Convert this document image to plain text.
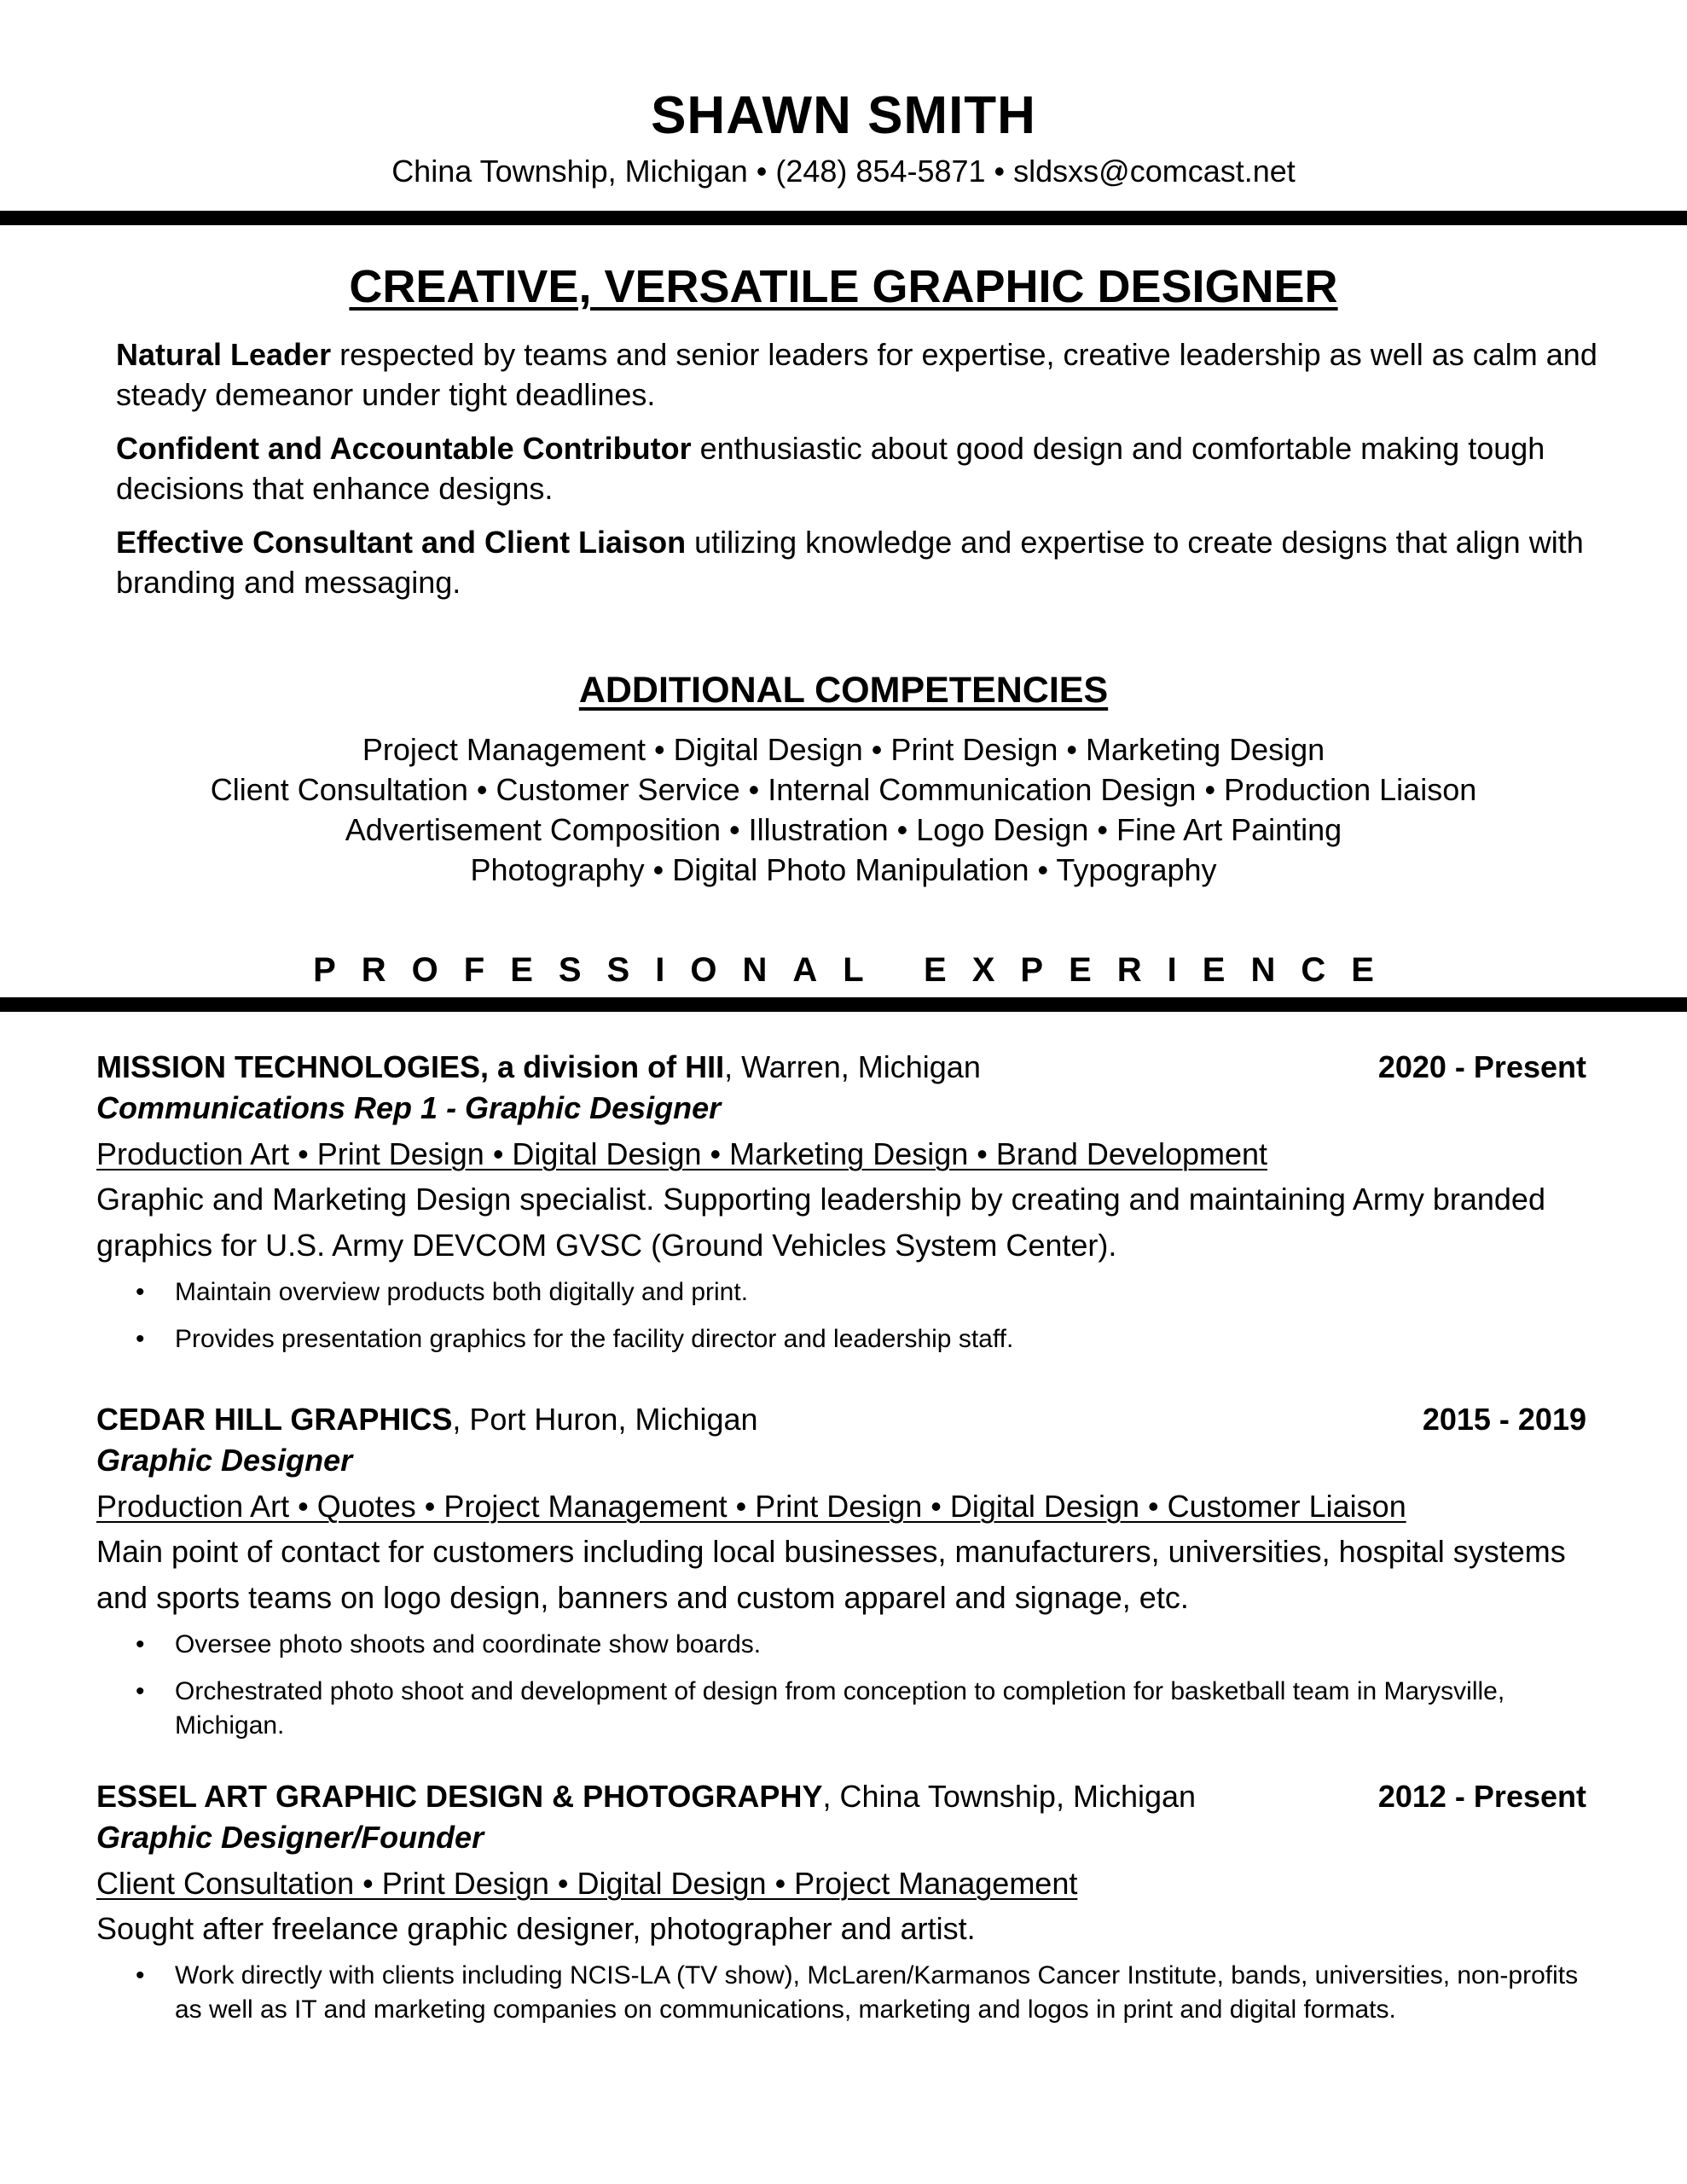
SHAWN SMITH
China Township, Michigan • (248) 854-5871 • sldsxs@comcast.net
CREATIVE, VERSATILE GRAPHIC DESIGNER

Natural Leader respected by teams and senior leaders for expertise, creative leadership as well as calm and steady demeanor under tight deadlines.

Confident and Accountable Contributor enthusiastic about good design and comfortable making tough decisions that enhance designs.

Effective Consultant and Client Liaison utilizing knowledge and expertise to create designs that align with branding and messaging.

ADDITIONAL COMPETENCIES
Project Management • Digital Design • Print Design • Marketing Design
Client Consultation • Customer Service • Internal Communication Design • Production Liaison
Advertisement Composition • Illustration • Logo Design • Fine Art Painting
Photography • Digital Photo Manipulation • Typography
PROFESSIONAL EXPERIENCE
MISSION TECHNOLOGIES, a division of HII, Warren, Michigan	2020 - Present
Communications Rep 1 - Graphic Designer
Production Art • Print Design • Digital Design • Marketing Design • Brand Development
Graphic and Marketing Design specialist. Supporting leadership by creating and maintaining Army branded graphics for U.S. Army DEVCOM GVSC (Ground Vehicles System Center).
• Maintain overview products both digitally and print.
• Provides presentation graphics for the facility director and leadership staff.
CEDAR HILL GRAPHICS, Port Huron, Michigan	2015 - 2019
Graphic Designer
Production Art • Quotes • Project Management • Print Design • Digital Design • Customer Liaison
Main point of contact for customers including local businesses, manufacturers, universities, hospital systems and sports teams on logo design, banners and custom apparel and signage, etc.
• Oversee photo shoots and coordinate show boards.
• Orchestrated photo shoot and development of design from conception to completion for basketball team in Marysville, Michigan.
ESSEL ART GRAPHIC DESIGN & PHOTOGRAPHY, China Township, Michigan	2012 - Present
Graphic Designer/Founder
Client Consultation • Print Design • Digital Design • Project Management
Sought after freelance graphic designer, photographer and artist.
• Work directly with clients including NCIS-LA (TV show), McLaren/Karmanos Cancer Institute, bands, universities, non-profits as well as IT and marketing companies on communications, marketing and logos in print and digital formats.
